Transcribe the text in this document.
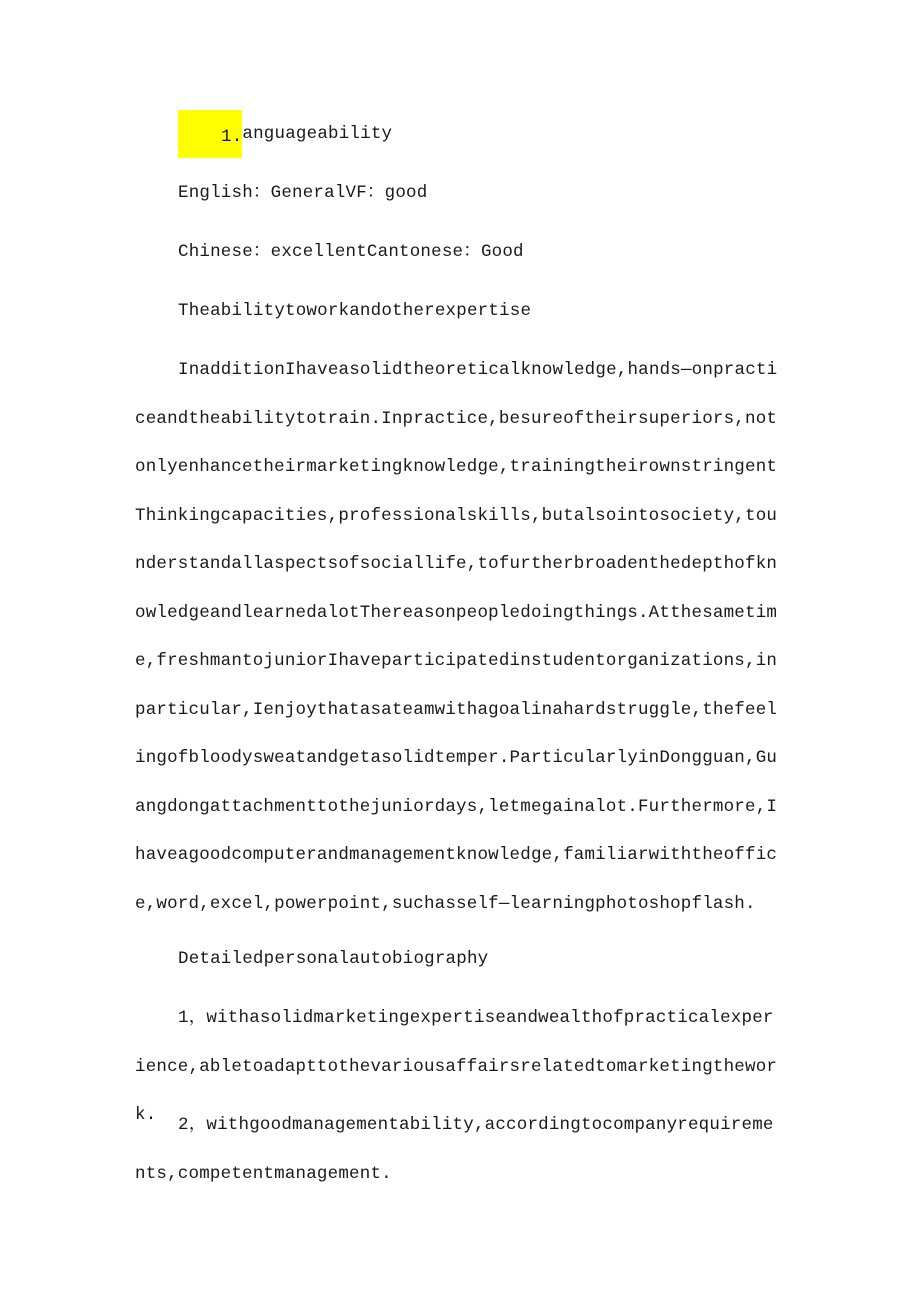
1.anguageability

English：GeneralVF：good

Chinese：excellentCantonese：Good

Theabilitytoworkandotherexpertise

InadditionIhaveasolidtheoreticalknowledge,hands—onpracticeandtheabilitytotrain.Inpractice,besureoftheirsuperiors,notonlyenhancetheirmarketingknowledge,trainingtheirownstringentThinkingcapacities,professionalskills,butalsointosociety,tounderstandallaspectsofsociallife,tofurtherbroadenthedepthofknowledgeandlearnedalotThereasonpeopledoingthings.Atthesametime,freshmantojuniorIhaveparticipatedinstudentorganizations,inparticular,Ienjoythatasateamwithagoalinahardstruggle,thefeelingofbloodysweatandgetasolidtemper.ParticularlyinDongguan,Guangdongattachmenttothejuniordays,letmegainalot.Furthermore,Ihaveagoodcomputerandmanagementknowledge,familiarwiththeoffice,word,excel,powerpoint,suchasself—learningphotoshopflash.

Detailedpersonalautobiography

1，withasolidmarketingexpertiseandwealthofpracticalexperience,abletoadapttothevariousaffairsrelatedtomarketingthework.	2，withgoodmanagementability,accordingtocompanyrequirements,competentmanagement.
